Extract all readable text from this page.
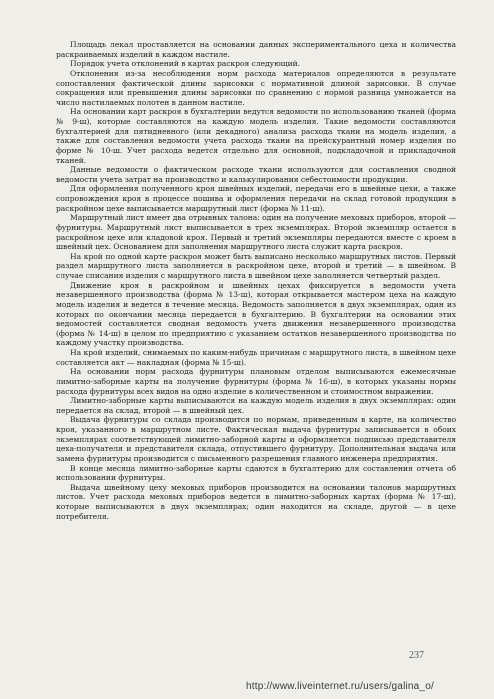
Площадь лекал проставляется на основании данных экспериментального цеха и количества раскраиваемых изделий в каждом настиле.

Порядок учета отклонений в картах раскроя следующий.

Отклонения из-за несоблюдения норм расхода материалов определяются в результате сопоставления фактической длины зарисовки с нормативной длиной зарисовки. В случае сокращения или превышения длины зарисовки по сравнению с нормой разница умножается на число настилаемых полотен в данном настиле.

На основании карт раскроя в бухгалтерии ведутся ведомости по использованию тканей (форма № 9-ш), которые составляются на каждую модель изделия. Такие ведомости составляются бухгалтерией для пятидневного (или декадного) анализа расхода ткани на модель изделия, а также для составления ведомости учета расхода ткани на прейскурантный номер изделия по форме № 10-ш. Учет расхода ведется отдельно для основной, подкладочной и прикладочной тканей.

Данные ведомости о фактическом расходе ткани используются для составления сводной ведомости учета затрат на производство и калькулирования себестоимости продукции.

Для оформления полученного кроя швейных изделий, передачи его в швейные цехи, а также сопровождения кроя в процессе пошива и оформления передачи на склад готовой продукции в раскройном цехе выписывается маршрутный лист (форма № 11-ш).

Маршрутный лист имеет два отрывных талона: один на получение меховых приборов, второй — фурнитуры. Маршрутный лист выписывается в трех экземплярах. Второй экземпляр остается в раскройном цехе или кладовой кроя. Первый и третий экземпляры передаются вместе с кроем в швейный цех. Основанием для заполнения маршрутного листа служит карта раскроя.

На крой по одной карте раскроя может быть выписано несколько маршрутных листов. Первый раздел маршрутного листа заполняется в раскройном цехе, второй и третий — в швейном. В случае списания изделия с маршрутного листа в швейном цехе заполняется четвертый раздел.

Движение кроя в раскройном и швейных цехах фиксируется в ведомости учета незавершенного производства (форма № 13-ш), которая открывается мастером цеха на каждую модель изделия и ведется в течение месяца. Ведомость заполняется в двух экземплярах, один из которых по окончании месяца передается в бухгалтерию. В бухгалтерии на основании этих ведомостей составляется сводная ведомость учета движения незавершенного производства (форма № 14-ш) в целом по предприятию с указанием остатков незавершенного производства по каждому участку производства.

На крой изделий, снимаемых по каким-нибудь причинам с маршрутного листа, в швейном цехе составляется акт — накладная (форма № 15-ш).

На основании норм расхода фурнитуры плановым отделом выписываются ежемесячные лимитно-заборные карты на получение фурнитуры (форма № 16-ш), в которых указаны нормы расхода фурнитуры всех видов на одно изделие в количественном и стоимостном выражении.

Лимитно-заборные карты выписываются на каждую модель изделия в двух экземплярах: один передается на склад, второй — в швейный цех.

Выдача фурнитуры со склада производится по нормам, приведенным в карте, на количество кроя, указанного в маршрутном листе. Фактическая выдача фурнитуры записывается в обоих экземплярах соответствующей лимитно-заборной карты и оформляется подписью представителя цеха-получателя и представителя склада, отпустившего фурнитуру. Дополнительная выдача или замена фурнитуры производится с письменного разрешения главного инженера предприятия.

В конце месяца лимитно-заборные карты сдаются в бухгалтерию для составления отчета об использовании фурнитуры.

Выдача швейному цеху меховых приборов производится на основании талонов маршрутных листов. Учет расхода меховых приборов ведется в лимитно-заборных картах (форма № 17-ш), которые выписываются в двух экземплярах; один находится на складе, другой — в цехе потребителя.

237
http://www.liveinternet.ru/users/galina_o/
